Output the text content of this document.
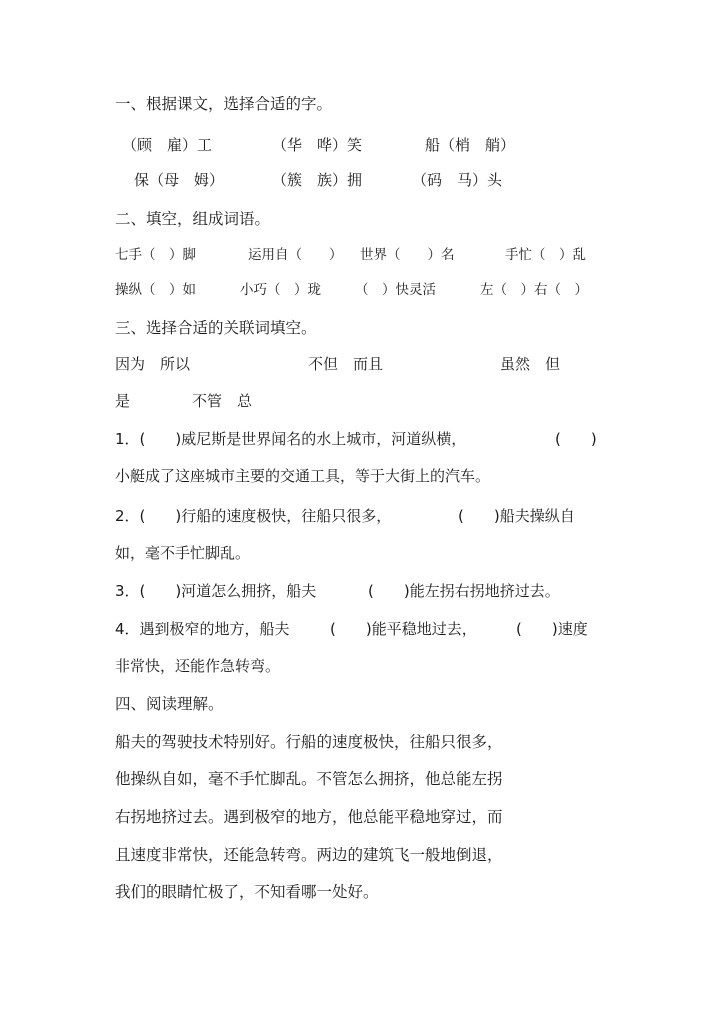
一、根据课文，选择合适的字。
（顾　雇）工	（华　哗）笑	船（梢　艄）
保（母　姆）	（簇　族）拥	（码　马）头
二、填空，组成词语。
七手（　）脚	运用自（　　） 世界（　　）名	手忙（　）乱
操纵（　）如	小巧（　）珑	（　）快灵活	左（　）右（　）
三、选择合适的关联词填空。
因为　所以	不但　而且	虽然　但
是	不管　总
1．(　　)威尼斯是世界闻名的水上城市，河道纵横，	(　　)
小艇成了这座城市主要的交通工具，等于大街上的汽车。
2．(　　)行船的速度极快，往船只很多，	(　　)船夫操纵自
如，毫不手忙脚乱。
3．(　　)河道怎么拥挤，船夫	(　　)能左拐右拐地挤过去。
4．遇到极窄的地方，船夫	(　　)能平稳地过去，	(　　)速度
非常快，还能作急转弯。
四、阅读理解。
船夫的驾驶技术特别好。行船的速度极快，往船只很多，
他操纵自如，毫不手忙脚乱。不管怎么拥挤，他总能左拐
右拐地挤过去。遇到极窄的地方，他总能平稳地穿过，而
且速度非常快，还能急转弯。两边的建筑飞一般地倒退，
我们的眼睛忙极了，不知看哪一处好。
